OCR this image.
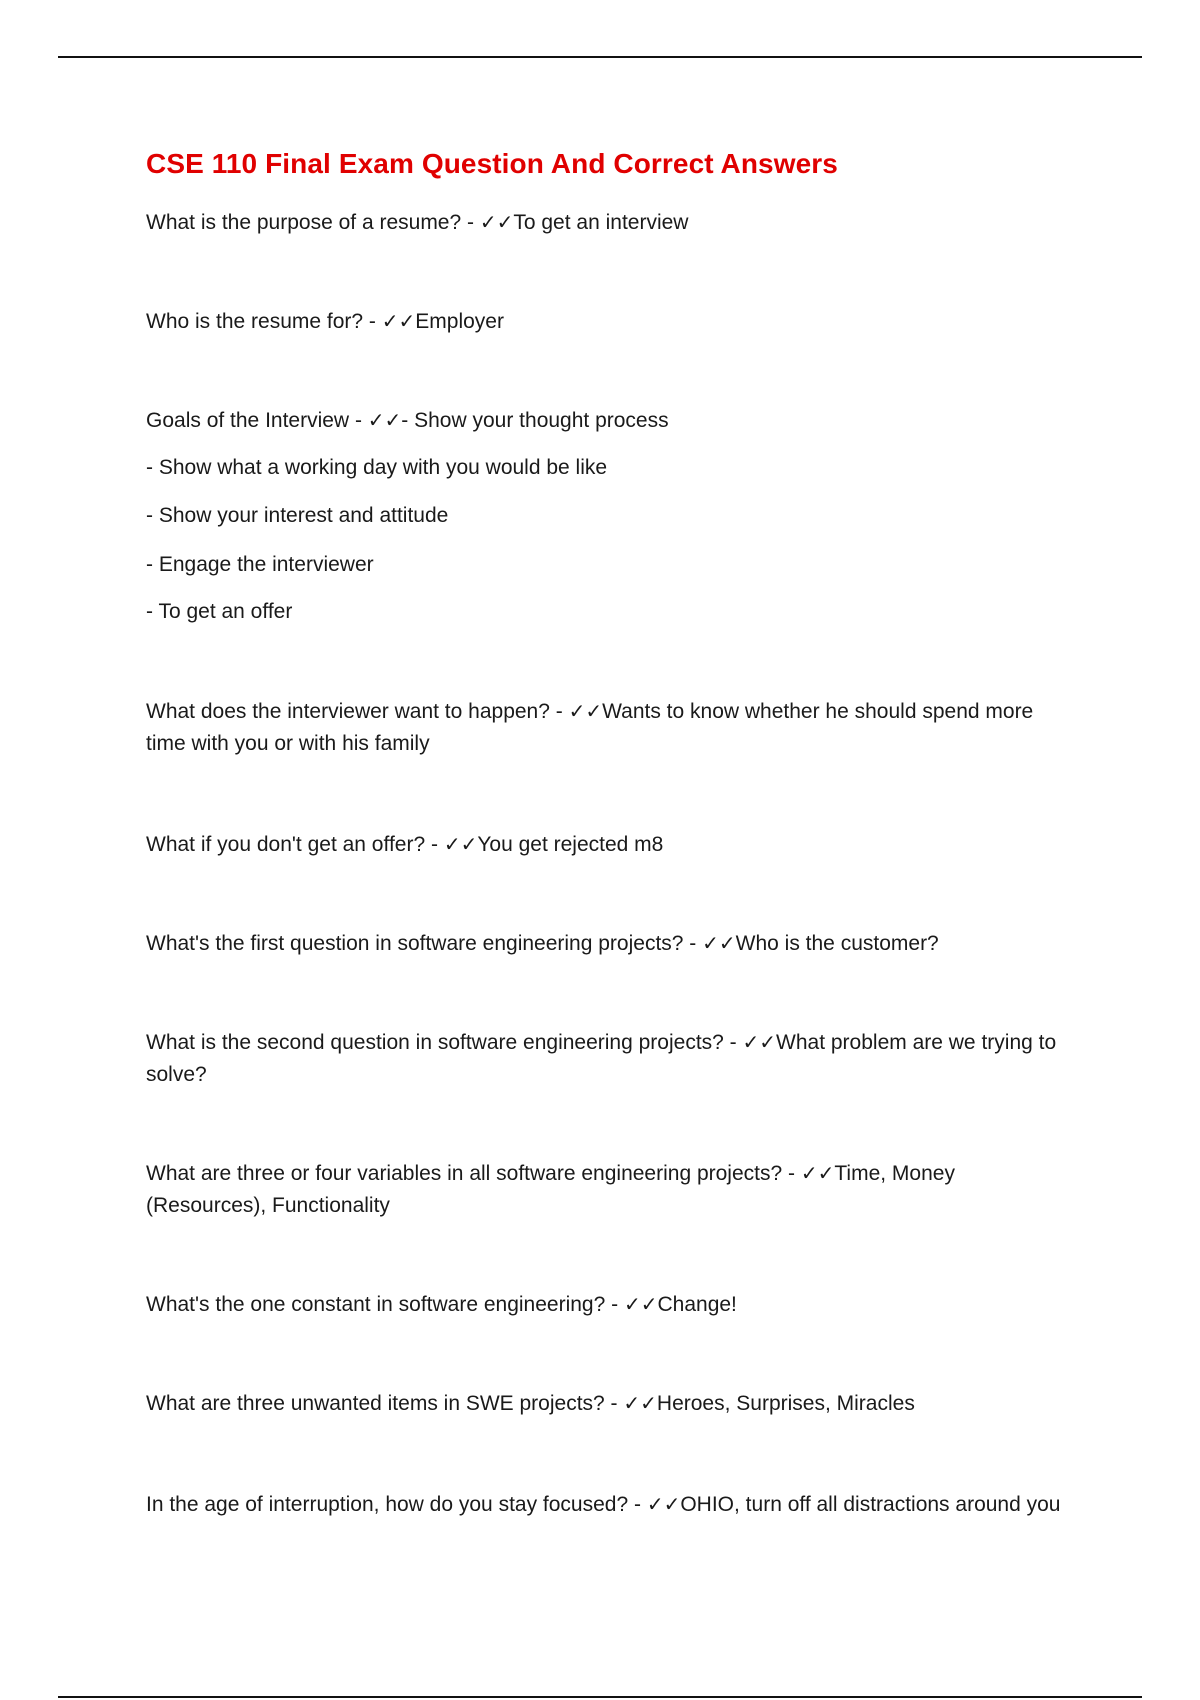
CSE 110 Final Exam Question And Correct Answers

What is the purpose of a resume? - ✓✓To get an interview

Who is the resume for? - ✓✓Employer

Goals of the Interview - ✓✓- Show your thought process

- Show what a working day with you would be like

- Show your interest and attitude

- Engage the interviewer

- To get an offer

What does the interviewer want to happen? - ✓✓Wants to know whether he should spend more time with you or with his family

What if you don't get an offer? - ✓✓You get rejected m8

What's the first question in software engineering projects? - ✓✓Who is the customer?

What is the second question in software engineering projects? - ✓✓What problem are we trying to solve?

What are three or four variables in all software engineering projects? - ✓✓Time, Money (Resources), Functionality

What's the one constant in software engineering? - ✓✓Change!

What are three unwanted items in SWE projects? - ✓✓Heroes, Surprises, Miracles

In the age of interruption, how do you stay focused? - ✓✓OHIO, turn off all distractions around you
